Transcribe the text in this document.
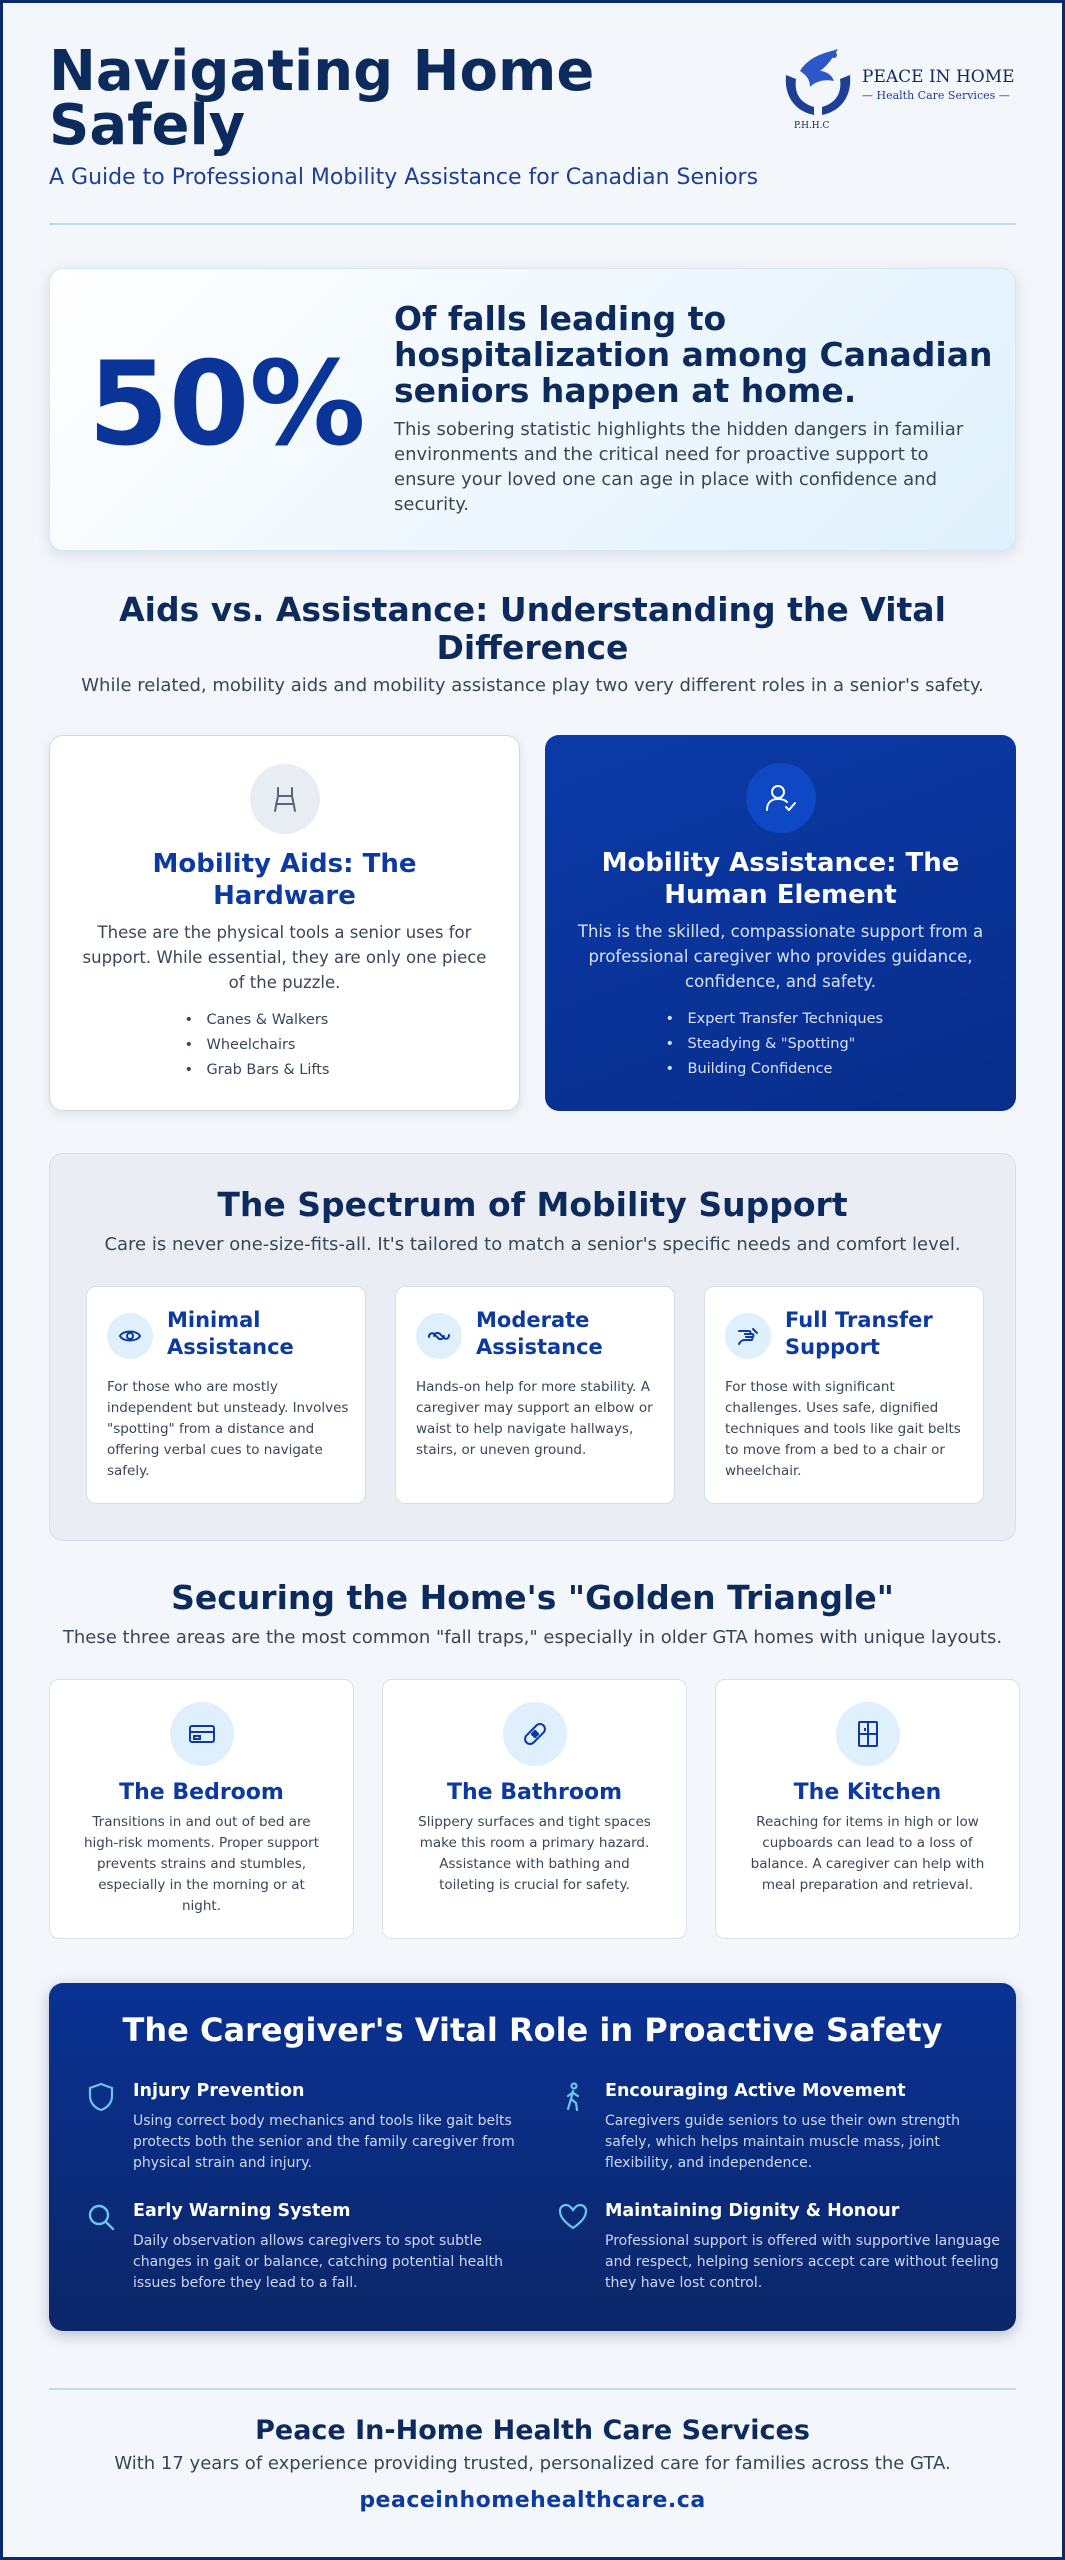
Navigating Home Safely
A Guide to Professional Mobility Assistance for Canadian Seniors
PEACE IN HOME
— Health Care Services —
P.H.H.C
50%
Of falls leading to hospitalization among Canadian seniors happen at home.
This sobering statistic highlights the hidden dangers in familiar environments and the critical need for proactive support to ensure your loved one can age in place with confidence and security.
Aids vs. Assistance: Understanding the Vital Difference
While related, mobility aids and mobility assistance play two very different roles in a senior's safety.
Mobility Aids: The Hardware
These are the physical tools a senior uses for support. While essential, they are only one piece of the puzzle.
• Canes & Walkers
• Wheelchairs
• Grab Bars & Lifts
Mobility Assistance: The Human Element
This is the skilled, compassionate support from a professional caregiver who provides guidance, confidence, and safety.
• Expert Transfer Techniques
• Steadying & "Spotting"
• Building Confidence
The Spectrum of Mobility Support
Care is never one-size-fits-all. It's tailored to match a senior's specific needs and comfort level.
Minimal Assistance
For those who are mostly independent but unsteady. Involves "spotting" from a distance and offering verbal cues to navigate safely.
Moderate Assistance
Hands-on help for more stability. A caregiver may support an elbow or waist to help navigate hallways, stairs, or uneven ground.
Full Transfer Support
For those with significant challenges. Uses safe, dignified techniques and tools like gait belts to move from a bed to a chair or wheelchair.
Securing the Home's "Golden Triangle"
These three areas are the most common "fall traps," especially in older GTA homes with unique layouts.
The Bedroom
Transitions in and out of bed are high-risk moments. Proper support prevents strains and stumbles, especially in the morning or at night.
The Bathroom
Slippery surfaces and tight spaces make this room a primary hazard. Assistance with bathing and toileting is crucial for safety.
The Kitchen
Reaching for items in high or low cupboards can lead to a loss of balance. A caregiver can help with meal preparation and retrieval.
The Caregiver's Vital Role in Proactive Safety
Injury Prevention
Using correct body mechanics and tools like gait belts protects both the senior and the family caregiver from physical strain and injury.
Encouraging Active Movement
Caregivers guide seniors to use their own strength safely, which helps maintain muscle mass, joint flexibility, and independence.
Early Warning System
Daily observation allows caregivers to spot subtle changes in gait or balance, catching potential health issues before they lead to a fall.
Maintaining Dignity & Honour
Professional support is offered with supportive language and respect, helping seniors accept care without feeling they have lost control.
Peace In-Home Health Care Services
With 17 years of experience providing trusted, personalized care for families across the GTA.
peaceinhomehealthcare.ca
